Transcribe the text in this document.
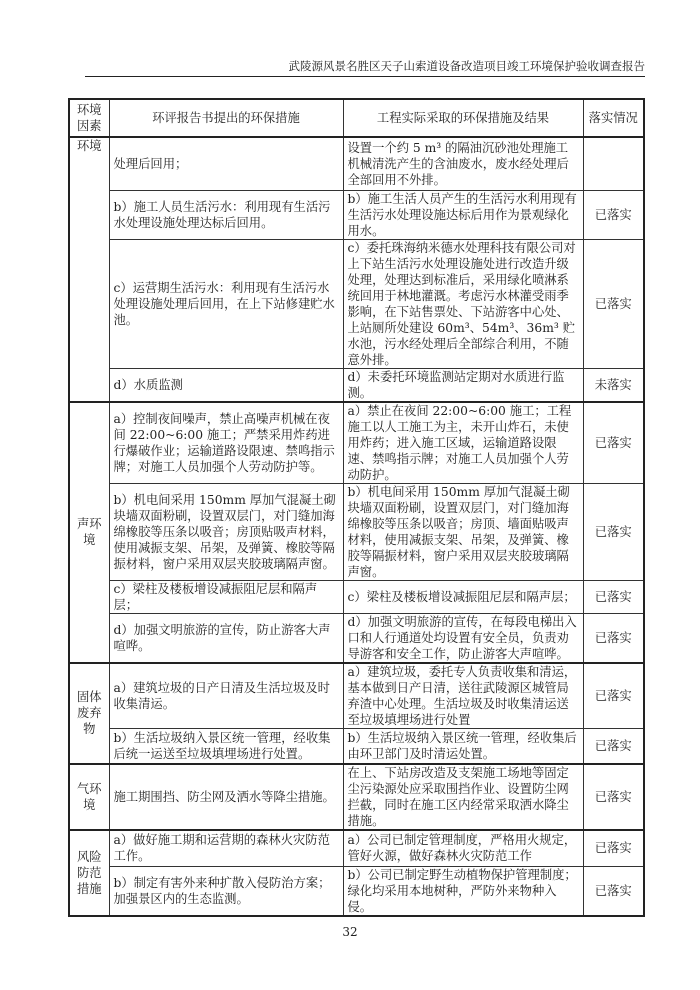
武陵源风景名胜区天子山索道设备改造项目竣工环境保护验收调查报告
环境因素	环评报告书提出的环保措施	工程实际采取的环保措施及结果	落实情况
环境	处理后回用；	设置一个约 5 m³ 的隔油沉砂池处理施工机械清洗产生的含油废水，废水经处理后全部回用不外排。	
	b）施工人员生活污水：利用现有生活污水处理设施处理达标后回用。	b）施工生活人员产生的生活污水利用现有生活污水处理设施达标后用作为景观绿化用水。	已落实
	c）运营期生活污水：利用现有生活污水处理设施处理后回用，在上下站修建贮水池。	c）委托珠海纳米德水处理科技有限公司对上下站生活污水处理设施处进行改造升级处理，处理达到标准后，采用绿化喷淋系统回用于林地灌溉。考虑污水林灌受雨季影响，在下站售票处、下站游客中心处、上站厕所处建设 60m³、54m³、36m³ 贮水池，污水经处理后全部综合利用，不随意外排。	已落实
	d）水质监测	d）未委托环境监测站定期对水质进行监测。	未落实
声环境	a）控制夜间噪声，禁止高噪声机械在夜间 22:00~6:00 施工；严禁采用炸药进行爆破作业；运输道路设限速、禁鸣指示牌；对施工人员加强个人劳动防护等。	a）禁止在夜间 22:00~6:00 施工；工程施工以人工施工为主，未开山炸石，未使用炸药；进入施工区域，运输道路设限速、禁鸣指示牌；对施工人员加强个人劳动防护。	已落实
	b）机电间采用 150mm 厚加气混凝土砌块墙双面粉刷，设置双层门，对门缝加海绵橡胶等压条以吸音；房顶贴吸声材料，使用减振支架、吊架，及弹簧、橡胶等隔振材料，窗户采用双层夹胶玻璃隔声窗。	b）机电间采用 150mm 厚加气混凝土砌块墙双面粉刷，设置双层门，对门缝加海绵橡胶等压条以吸音；房顶、墙面贴吸声材料，使用减振支架、吊架，及弹簧、橡胶等隔振材料，窗户采用双层夹胶玻璃隔声窗。	已落实
	c）梁柱及楼板增设减振阻尼层和隔声层；	c）梁柱及楼板增设减振阻尼层和隔声层；	已落实
	d）加强文明旅游的宣传，防止游客大声喧哗。	d）加强文明旅游的宣传，在每段电梯出入口和人行通道处均设置有安全员，负责劝导游客和安全工作，防止游客大声喧哗。	已落实
固体废弃物	a）建筑垃圾的日产日清及生活垃圾及时收集清运。	a）建筑垃圾，委托专人负责收集和清运，基本做到日产日清，送往武陵源区城管局弃渣中心处理。生活垃圾及时收集清运送至垃圾填埋场进行处置	已落实
	b）生活垃圾纳入景区统一管理，经收集后统一运送至垃圾填埋场进行处置。	b）生活垃圾纳入景区统一管理，经收集后由环卫部门及时清运处置。	已落实
气环境	施工期围挡、防尘网及洒水等降尘措施。	在上、下站房改造及支架施工场地等固定尘污染源处应采取围挡作业、设置防尘网拦截，同时在施工区内经常采取洒水降尘措施。	已落实
风险防范措施	a）做好施工期和运营期的森林火灾防范工作。	a）公司已制定管理制度，严格用火规定，管好火源，做好森林火灾防范工作	已落实
	b）制定有害外来种扩散入侵防治方案；加强景区内的生态监测。	b）公司已制定野生动植物保护管理制度；绿化均采用本地树种，严防外来物种入侵。	已落实
32
